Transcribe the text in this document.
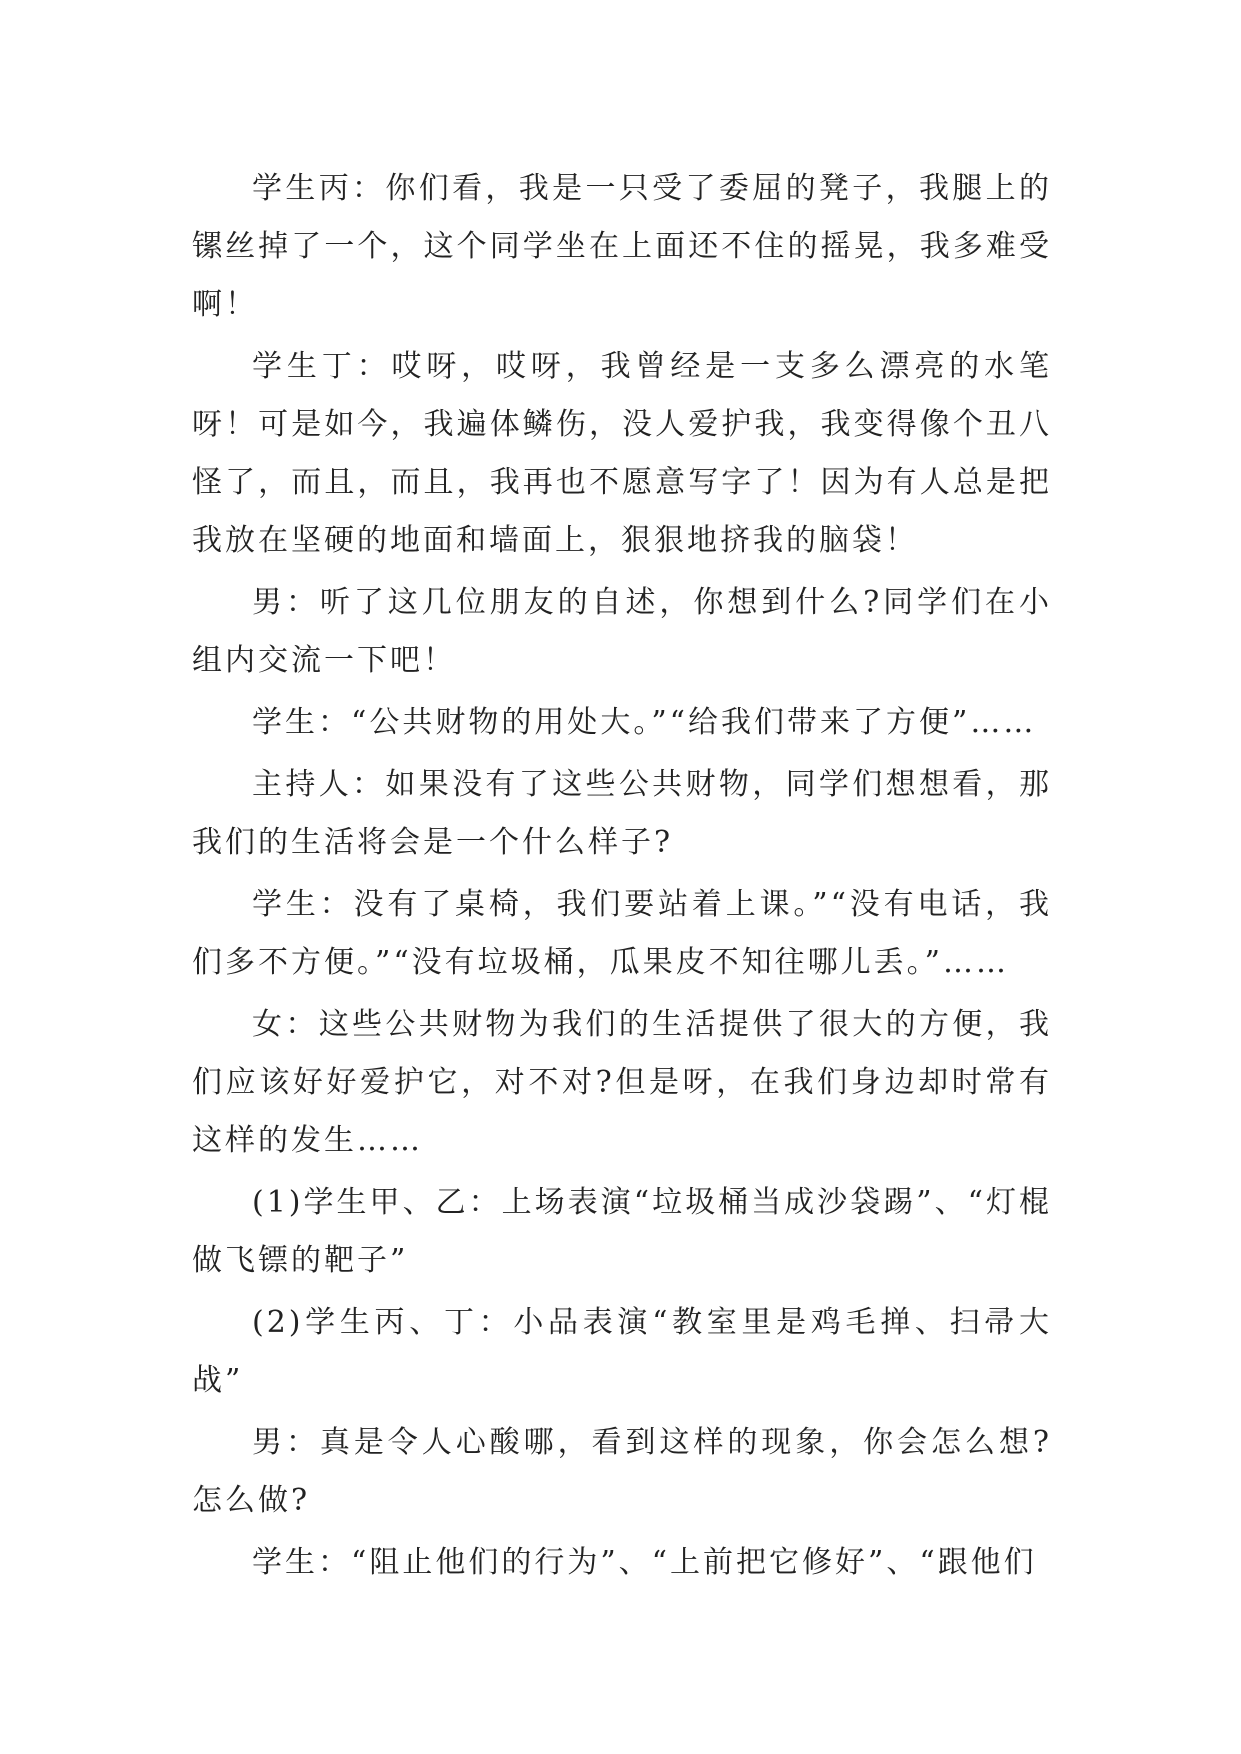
学生丙：你们看，我是一只受了委屈的凳子，我腿上的镙丝掉了一个，这个同学坐在上面还不住的摇晃，我多难受啊！

学生丁：哎呀，哎呀，我曾经是一支多么漂亮的水笔呀！可是如今，我遍体鳞伤，没人爱护我，我变得像个丑八怪了，而且，而且，我再也不愿意写字了！因为有人总是把我放在坚硬的地面和墙面上，狠狠地挤我的脑袋！

男：听了这几位朋友的自述，你想到什么?同学们在小组内交流一下吧！

学生：“公共财物的用处大。”“给我们带来了方便”……

主持人：如果没有了这些公共财物，同学们想想看，那我们的生活将会是一个什么样子?

学生：没有了桌椅，我们要站着上课。”“没有电话，我们多不方便。”“没有垃圾桶，瓜果皮不知往哪儿丢。”……

女：这些公共财物为我们的生活提供了很大的方便，我们应该好好爱护它，对不对?但是呀，在我们身边却时常有这样的发生……

(1)学生甲、乙：上场表演“垃圾桶当成沙袋踢”、“灯棍做飞镖的靶子”

(2)学生丙、丁：小品表演“教室里是鸡毛掸、扫帚大战”

男：真是令人心酸哪，看到这样的现象，你会怎么想?怎么做?

学生：“阻止他们的行为”、“上前把它修好”、“跟他们
